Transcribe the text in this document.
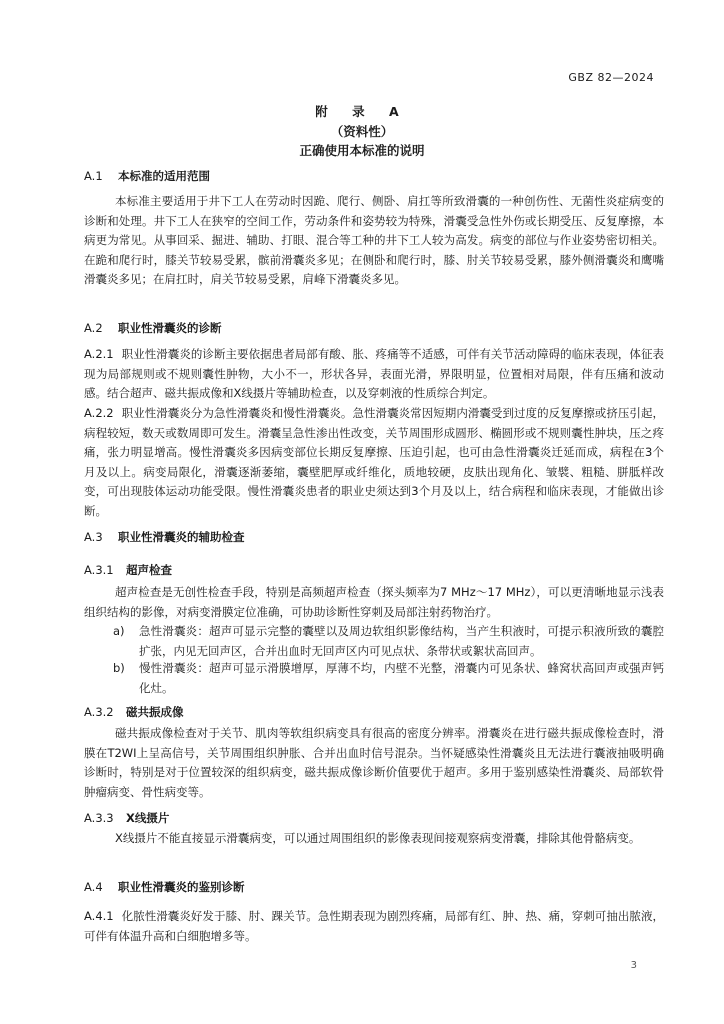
GBZ 82—2024
附 录 A
（资料性）
正确使用本标准的说明
A.1 本标准的适用范围
本标准主要适用于井下工人在劳动时因跪、爬行、侧卧、肩扛等所致滑囊的一种创伤性、无菌性炎症病变的诊断和处理。井下工人在狭窄的空间工作，劳动条件和姿势较为特殊，滑囊受急性外伤或长期受压、反复摩擦，本病更为常见。从事回采、掘进、辅助、打眼、混合等工种的井下工人较为高发。病变的部位与作业姿势密切相关。在跪和爬行时，膝关节较易受累，髌前滑囊炎多见；在侧卧和爬行时，膝、肘关节较易受累，膝外侧滑囊炎和鹰嘴滑囊炎多见；在肩扛时，肩关节较易受累，肩峰下滑囊炎多见。
A.2 职业性滑囊炎的诊断
A.2.1 职业性滑囊炎的诊断主要依据患者局部有酸、胀、疼痛等不适感，可伴有关节活动障碍的临床表现，体征表现为局部规则或不规则囊性肿物，大小不一，形状各异，表面光滑，界限明显，位置相对局限，伴有压痛和波动感。结合超声、磁共振成像和X线摄片等辅助检查，以及穿刺液的性质综合判定。
A.2.2 职业性滑囊炎分为急性滑囊炎和慢性滑囊炎。急性滑囊炎常因短期内滑囊受到过度的反复摩擦或挤压引起，病程较短，数天或数周即可发生。滑囊呈急性渗出性改变，关节周围形成圆形、椭圆形或不规则囊性肿块，压之疼痛，张力明显增高。慢性滑囊炎多因病变部位长期反复摩擦、压迫引起，也可由急性滑囊炎迁延而成，病程在3个月及以上。病变局限化，滑囊逐渐萎缩，囊壁肥厚或纤维化，质地较硬，皮肤出现角化、皱襞、粗糙、胼胝样改变，可出现肢体运动功能受限。慢性滑囊炎患者的职业史须达到3个月及以上，结合病程和临床表现，才能做出诊断。
A.3 职业性滑囊炎的辅助检查
A.3.1 超声检查
超声检查是无创性检查手段，特别是高频超声检查（探头频率为7 MHz～17 MHz），可以更清晰地显示浅表组织结构的影像，对病变滑膜定位准确，可协助诊断性穿刺及局部注射药物治疗。
a) 急性滑囊炎：超声可显示完整的囊壁以及周边软组织影像结构，当产生积液时，可提示积液所致的囊腔扩张，内见无回声区，合并出血时无回声区内可见点状、条带状或絮状高回声。
b) 慢性滑囊炎：超声可显示滑膜增厚，厚薄不均，内壁不光整，滑囊内可见条状、蜂窝状高回声或强声钙化灶。
A.3.2 磁共振成像
磁共振成像检查对于关节、肌肉等软组织病变具有很高的密度分辨率。滑囊炎在进行磁共振成像检查时，滑膜在T2WI上呈高信号，关节周围组织肿胀、合并出血时信号混杂。当怀疑感染性滑囊炎且无法进行囊液抽吸明确诊断时，特别是对于位置较深的组织病变，磁共振成像诊断价值要优于超声。多用于鉴别感染性滑囊炎、局部软骨肿瘤病变、骨性病变等。
A.3.3 X线摄片
X线摄片不能直接显示滑囊病变，可以通过周围组织的影像表现间接观察病变滑囊，排除其他骨骼病变。
A.4 职业性滑囊炎的鉴别诊断
A.4.1 化脓性滑囊炎好发于膝、肘、踝关节。急性期表现为剧烈疼痛，局部有红、肿、热、痛，穿刺可抽出脓液，可伴有体温升高和白细胞增多等。
3
